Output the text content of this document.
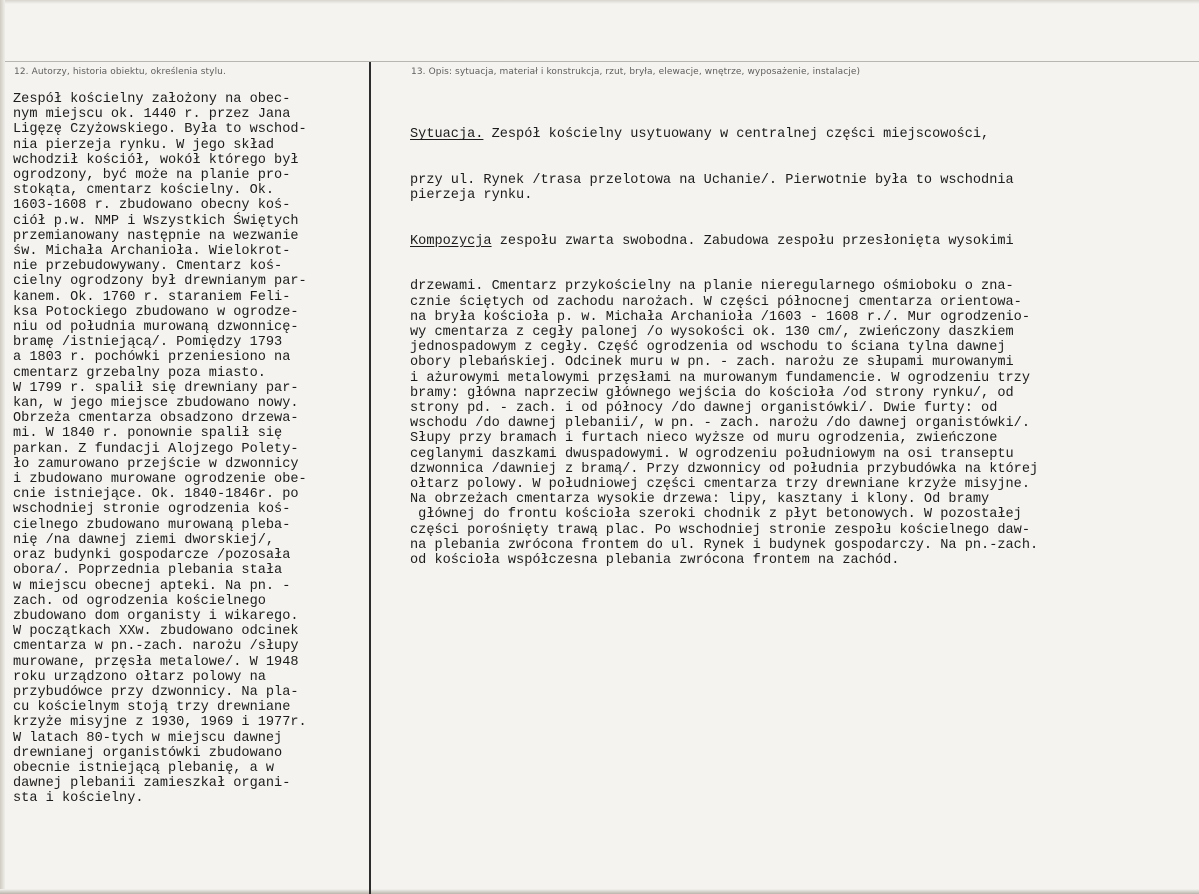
12. Autorzy, historia obiektu, określenia stylu.	13. Opis: sytuacja, materiał i konstrukcja, rzut, bryła, elewacje, wnętrze, wyposażenie, instalacje)
Zespół kościelny założony na obec-
nym miejscu ok. 1440 r. przez Jana
Ligęzę Czyżowskiego. Była to wschod-
nia pierzeja rynku. W jego skład
wchodził kościół, wokół którego był
ogrodzony, być może na planie pro-
stokąta, cmentarz kościelny. Ok.
1603-1608 r. zbudowano obecny koś-
ciół p.w. NMP i Wszystkich Świętych
przemianowany następnie na wezwanie
św. Michała Archanioła. Wielokrot-
nie przebudowywany. Cmentarz koś-
cielny ogrodzony był drewnianym par-
kanem. Ok. 1760 r. staraniem Feli-
ksa Potockiego zbudowano w ogrodze-
niu od południa murowaną dzwonnicę-
bramę /istniejącą/. Pomiędzy 1793
a 1803 r. pochówki przeniesiono na
cmentarz grzebalny poza miasto.
W 1799 r. spalił się drewniany par-
kan, w jego miejsce zbudowano nowy.
Obrzeża cmentarza obsadzono drzewa-
mi. W 1840 r. ponownie spalił się
parkan. Z fundacji Alojzego Polety-
ło zamurowano przejście w dzwonnicy
i zbudowano murowane ogrodzenie obe-
cnie istniejące. Ok. 1840-1846r. po
wschodniej stronie ogrodzenia koś-
cielnego zbudowano murowaną pleba-
nię /na dawnej ziemi dworskiej/,
oraz budynki gospodarcze /pozosała
obora/. Poprzednia plebania stała
w miejscu obecnej apteki. Na pn. -
zach. od ogrodzenia kościelnego
zbudowano dom organisty i wikarego.
W początkach XXw. zbudowano odcinek
cmentarza w pn.-zach. narożu /słupy
murowane, przęsła metalowe/. W 1948
roku urządzono ołtarz polowy na
przybudówce przy dzwonnicy. Na pla-
cu kościelnym stoją trzy drewniane
krzyże misyjne z 1930, 1969 i 1977r.
W latach 80-tych w miejscu dawnej
drewnianej organistówki zbudowano
obecnie istniejącą plebanię, a w
dawnej plebanii zamieszkał organi-
sta i kościelny.

Sytuacja. Zespół kościelny usytuowany w centralnej części miejscowości,

przy ul. Rynek /trasa przelotowa na Uchanie/. Pierwotnie była to wschodnia
pierzeja rynku.

Kompozycja zespołu zwarta swobodna. Zabudowa zespołu przesłonięta wysokimi

drzewami. Cmentarz przykościelny na planie nieregularnego ośmioboku o zna-
cznie ściętych od zachodu narożach. W części północnej cmentarza orientowa-
na bryła kościoła p. w. Michała Archanioła /1603 - 1608 r./. Mur ogrodzenio-
wy cmentarza z cegły palonej /o wysokości ok. 130 cm/, zwieńczony daszkiem
jednospadowym z cegły. Część ogrodzenia od wschodu to ściana tylna dawnej
obory plebańskiej. Odcinek muru w pn. - zach. narożu ze słupami murowanymi
i ażurowymi metalowymi przęsłami na murowanym fundamencie. W ogrodzeniu trzy
bramy: główna naprzeciw głównego wejścia do kościoła /od strony rynku/, od
strony pd. - zach. i od północy /do dawnej organistówki/. Dwie furty: od
wschodu /do dawnej plebanii/, w pn. - zach. narożu /do dawnej organistówki/.
Słupy przy bramach i furtach nieco wyższe od muru ogrodzenia, zwieńczone
ceglanymi daszkami dwuspadowymi. W ogrodzeniu południowym na osi transeptu
dzwonnica /dawniej z bramą/. Przy dzwonnicy od południa przybudówka na której
ołtarz polowy. W południowej części cmentarza trzy drewniane krzyże misyjne.
Na obrzeżach cmentarza wysokie drzewa: lipy, kasztany i klony. Od bramy
głównej do frontu kościoła szeroki chodnik z płyt betonowych. W pozostałej
części porośnięty trawą plac. Po wschodniej stronie zespołu kościelnego daw-
na plebania zwrócona frontem do ul. Rynek i budynek gospodarczy. Na pn.-zach.
od kościoła współczesna plebania zwrócona frontem na zachód.
